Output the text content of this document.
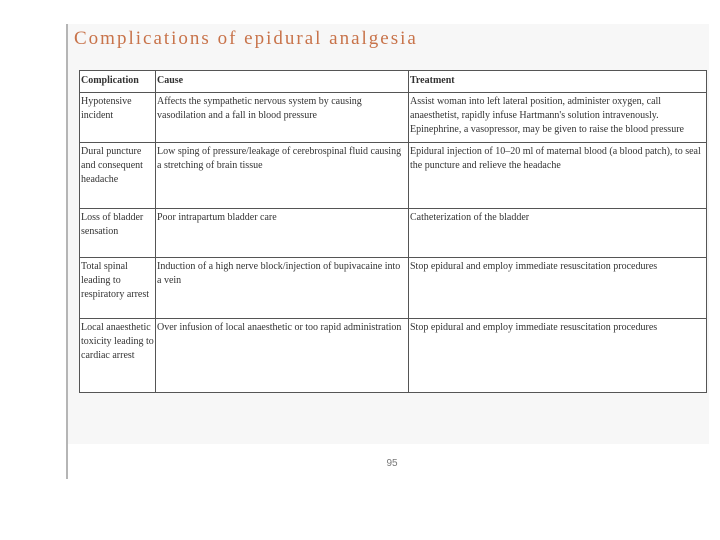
Complications of epidural analgesia
Complication	Cause	Treatment
Hypotensive incident	Affects the sympathetic nervous system by causing vasodilation and a fall in blood pressure	Assist woman into left lateral position, administer oxygen, call anaesthetist, rapidly infuse Hartmann's solution intravenously. Epinephrine, a vasopressor, may be given to raise the blood pressure
Dural puncture and consequent headache	Low sping of pressure/leakage of cerebrospinal fluid causing a stretching of brain tissue	Epidural injection of 10–20 ml of maternal blood (a blood patch), to seal the puncture and relieve the headache
Loss of bladder sensation	Poor intrapartum bladder care	Catheterization of the bladder
Total spinal leading to respiratory arrest	Induction of a high nerve block/injection of bupivacaine into a vein	Stop epidural and employ immediate resuscitation procedures
Local anaesthetic toxicity leading to cardiac arrest	Over infusion of local anaesthetic or too rapid administration	Stop epidural and employ immediate resuscitation procedures
95
